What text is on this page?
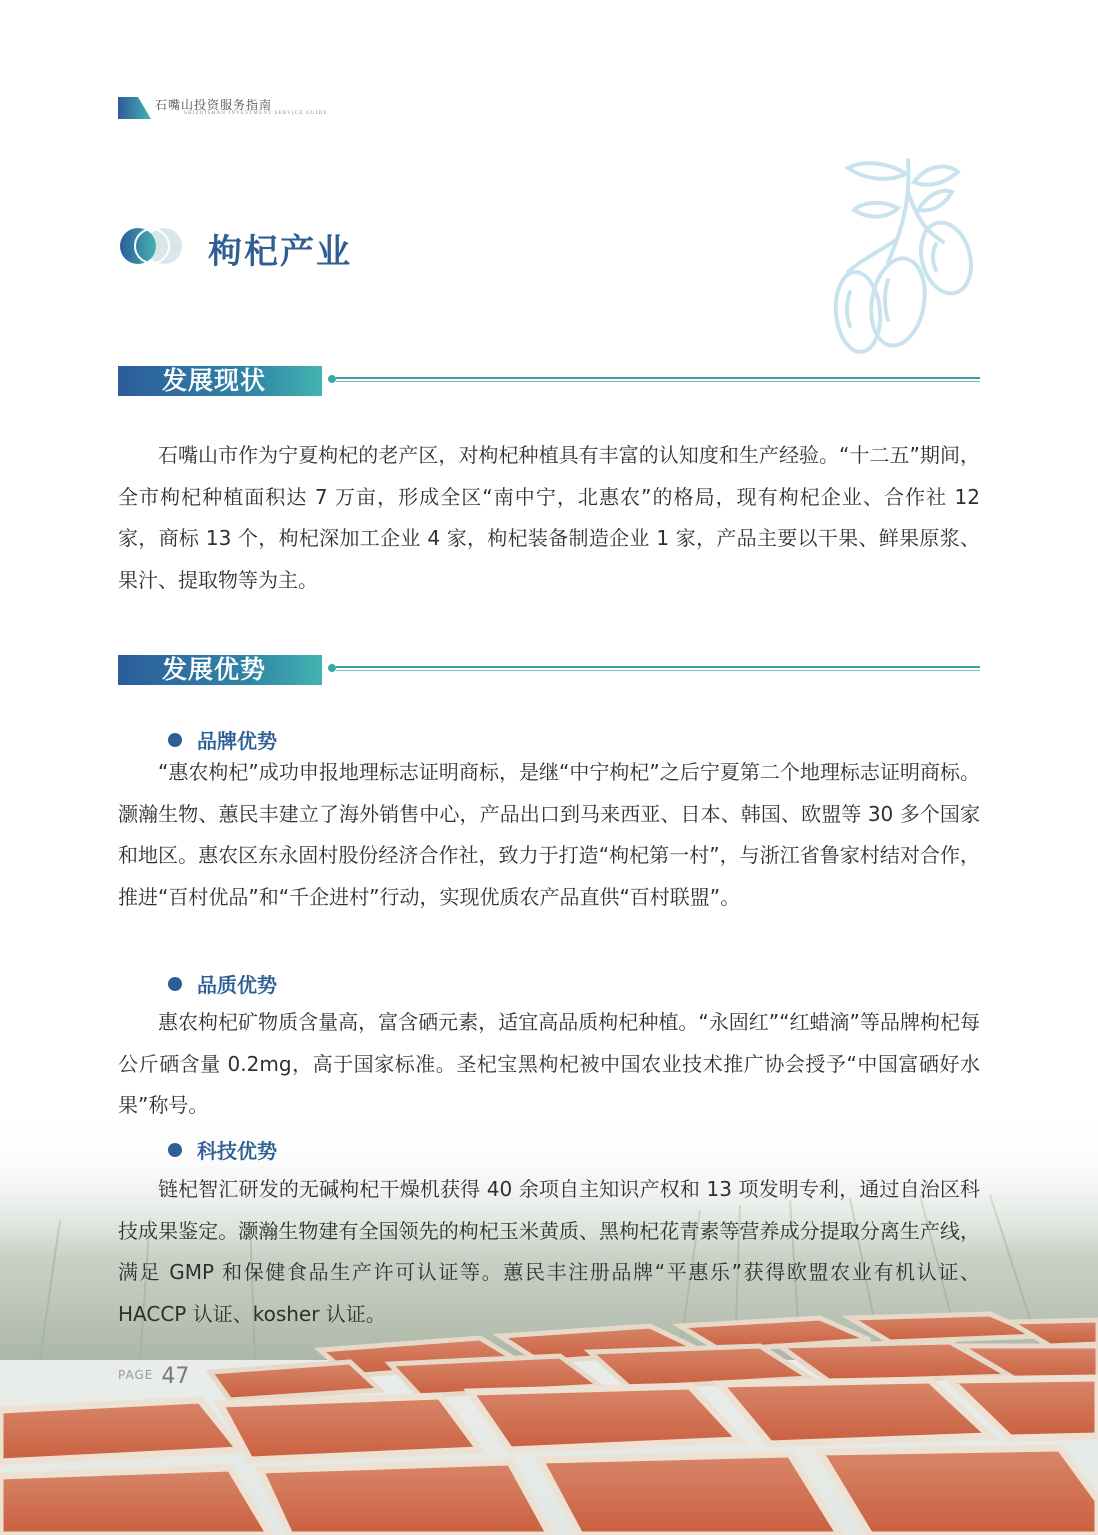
石嘴山投资服务指南
SHIZUISHAN INVESTMENT SERVICE GUIDE
枸杞产业
发展现状

石嘴山市作为宁夏枸杞的老产区，对枸杞种植具有丰富的认知度和生产经验。“十二五”期间，全市枸杞种植面积达 7 万亩，形成全区“南中宁，北惠农”的格局，现有枸杞企业、合作社 12 家，商标 13 个，枸杞深加工企业 4 家，枸杞装备制造企业 1 家，产品主要以干果、鲜果原浆、果汁、提取物等为主。

发展优势
品牌优势

“惠农枸杞”成功申报地理标志证明商标，是继“中宁枸杞”之后宁夏第二个地理标志证明商标。灏瀚生物、蕙民丰建立了海外销售中心，产品出口到马来西亚、日本、韩国、欧盟等 30 多个国家和地区。惠农区东永固村股份经济合作社，致力于打造“枸杞第一村”，与浙江省鲁家村结对合作，推进“百村优品”和“千企进村”行动，实现优质农产品直供“百村联盟”。

品质优势

惠农枸杞矿物质含量高，富含硒元素，适宜高品质枸杞种植。“永固红”“红蜡滴”等品牌枸杞每公斤硒含量 0.2mg，高于国家标准。圣杞宝黑枸杞被中国农业技术推广协会授予“中国富硒好水果”称号。

科技优势

链杞智汇研发的无碱枸杞干燥机获得 40 余项自主知识产权和 13 项发明专利，通过自治区科技成果鉴定。灏瀚生物建有全国领先的枸杞玉米黄质、黑枸杞花青素等营养成分提取分离生产线，满足 GMP 和保健食品生产许可认证等。蕙民丰注册品牌“平惠乐”获得欧盟农业有机认证、HACCP 认证、kosher 认证。

$^{PAGE}$ 47
